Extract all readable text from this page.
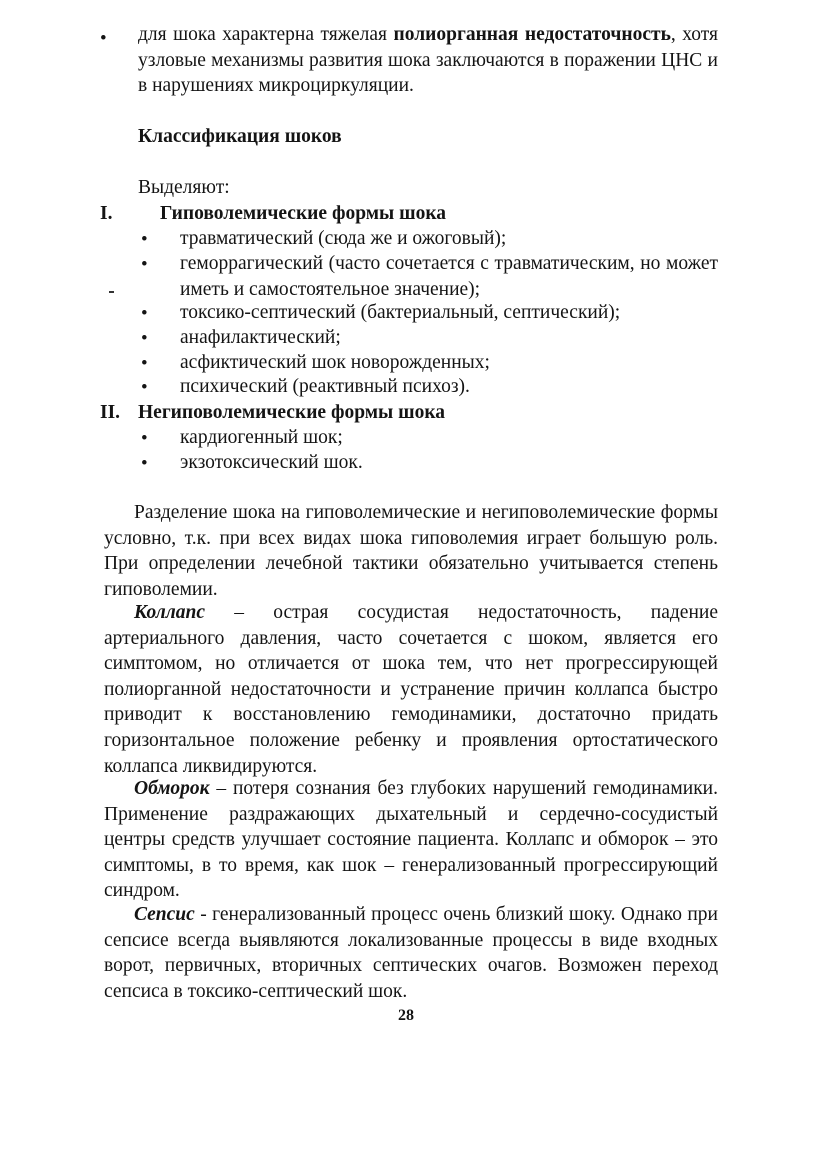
• для шока характерна тяжелая полиорганная недостаточность, хотя узловые механизмы развития шока заключаются в поражении ЦНС и в нарушениях микроциркуляции.
Классификация шоков
Выделяют:
I. Гиповолемические формы шока
• травматический (сюда же и ожоговый);
• геморрагический (часто сочетается с травматическим, но может иметь и самостоятельное значение);
• токсико-септический (бактериальный, септический);
• анафилактический;
• асфиктический шок новорожденных;
• психический (реактивный психоз).
II. Негиповолемические формы шока
• кардиогенный шок;
• экзотоксический шок.
Разделение шока на гиповолемические и негиповолемические формы условно, т.к. при всех видах шока гиповолемия играет большую роль. При определении лечебной тактики обязательно учитывается степень гиповолемии.
Коллапс – острая сосудистая недостаточность, падение артериального давления, часто сочетается с шоком, является его симптомом, но отличается от шока тем, что нет прогрессирующей полиорганной недостаточности и устранение причин коллапса быстро приводит к восстановлению гемодинамики, достаточно придать горизонтальное положение ребенку и проявления ортостатического коллапса ликвидируются.
Обморок – потеря сознания без глубоких нарушений гемодинамики. Применение раздражающих дыхательный и сердечно-сосудистый центры средств улучшает состояние пациента. Коллапс и обморок – это симптомы, в то время, как шок – генерализованный прогрессирующий синдром.
Сепсис - генерализованный процесс очень близкий шоку. Однако при сепсисе всегда выявляются локализованные процессы в виде входных ворот, первичных, вторичных септических очагов. Возможен переход сепсиса в токсико-септический шок.
28
